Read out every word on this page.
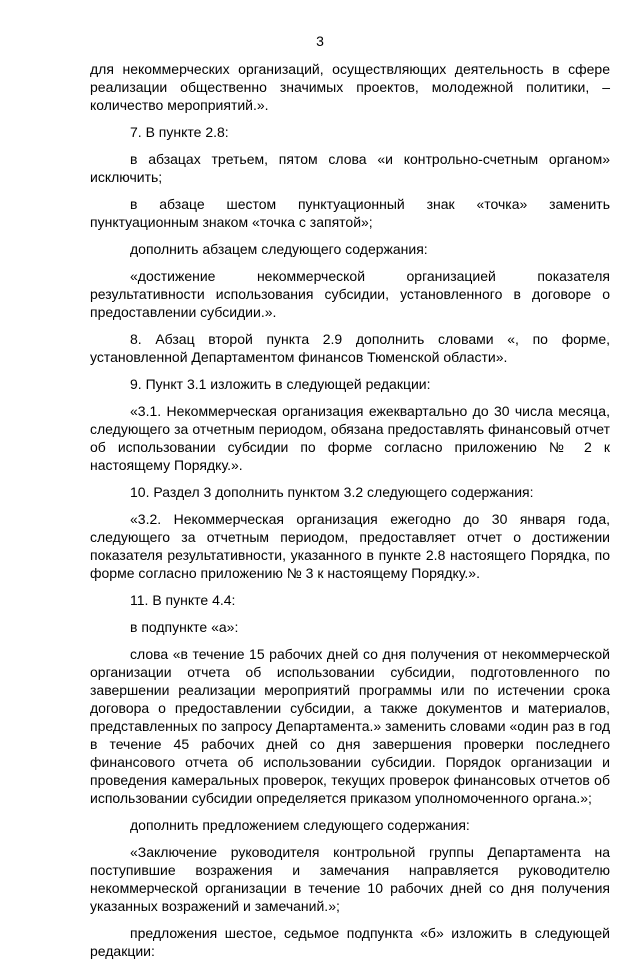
3

для некоммерческих организаций, осуществляющих деятельность в сфере реализации общественно значимых проектов, молодежной политики, – количество мероприятий.».

7. В пункте 2.8:

в абзацах третьем, пятом слова «и контрольно-счетным органом» исключить;

в абзаце шестом пунктуационный знак «точка» заменить пунктуационным знаком «точка с запятой»;

дополнить абзацем следующего содержания:

«достижение некоммерческой организацией показателя результативности использования субсидии, установленного в договоре о предоставлении субсидии.».

8. Абзац второй пункта 2.9 дополнить словами «, по форме, установленной Департаментом финансов Тюменской области».

9. Пункт 3.1 изложить в следующей редакции:

«3.1. Некоммерческая организация ежеквартально до 30 числа месяца, следующего за отчетным периодом, обязана предоставлять финансовый отчет об использовании субсидии по форме согласно приложению № 2 к настоящему Порядку.».

10. Раздел 3 дополнить пунктом 3.2 следующего содержания:

«3.2. Некоммерческая организация ежегодно до 30 января года, следующего за отчетным периодом, предоставляет отчет о достижении показателя результативности, указанного в пункте 2.8 настоящего Порядка, по форме согласно приложению № 3 к настоящему Порядку.».

11. В пункте 4.4:

в подпункте «а»:

слова «в течение 15 рабочих дней со дня получения от некоммерческой организации отчета об использовании субсидии, подготовленного по завершении реализации мероприятий программы или по истечении срока договора о предоставлении субсидии, а также документов и материалов, представленных по запросу Департамента.» заменить словами «один раз в год в течение 45 рабочих дней со дня завершения проверки последнего финансового отчета об использовании субсидии. Порядок организации и проведения камеральных проверок, текущих проверок финансовых отчетов об использовании субсидии определяется приказом уполномоченного органа.»;

дополнить предложением следующего содержания:

«Заключение руководителя контрольной группы Департамента на поступившие возражения и замечания направляется руководителю некоммерческой организации в течение 10 рабочих дней со дня получения указанных возражений и замечаний.»;

предложения шестое, седьмое подпункта «б» изложить в следующей редакции:
